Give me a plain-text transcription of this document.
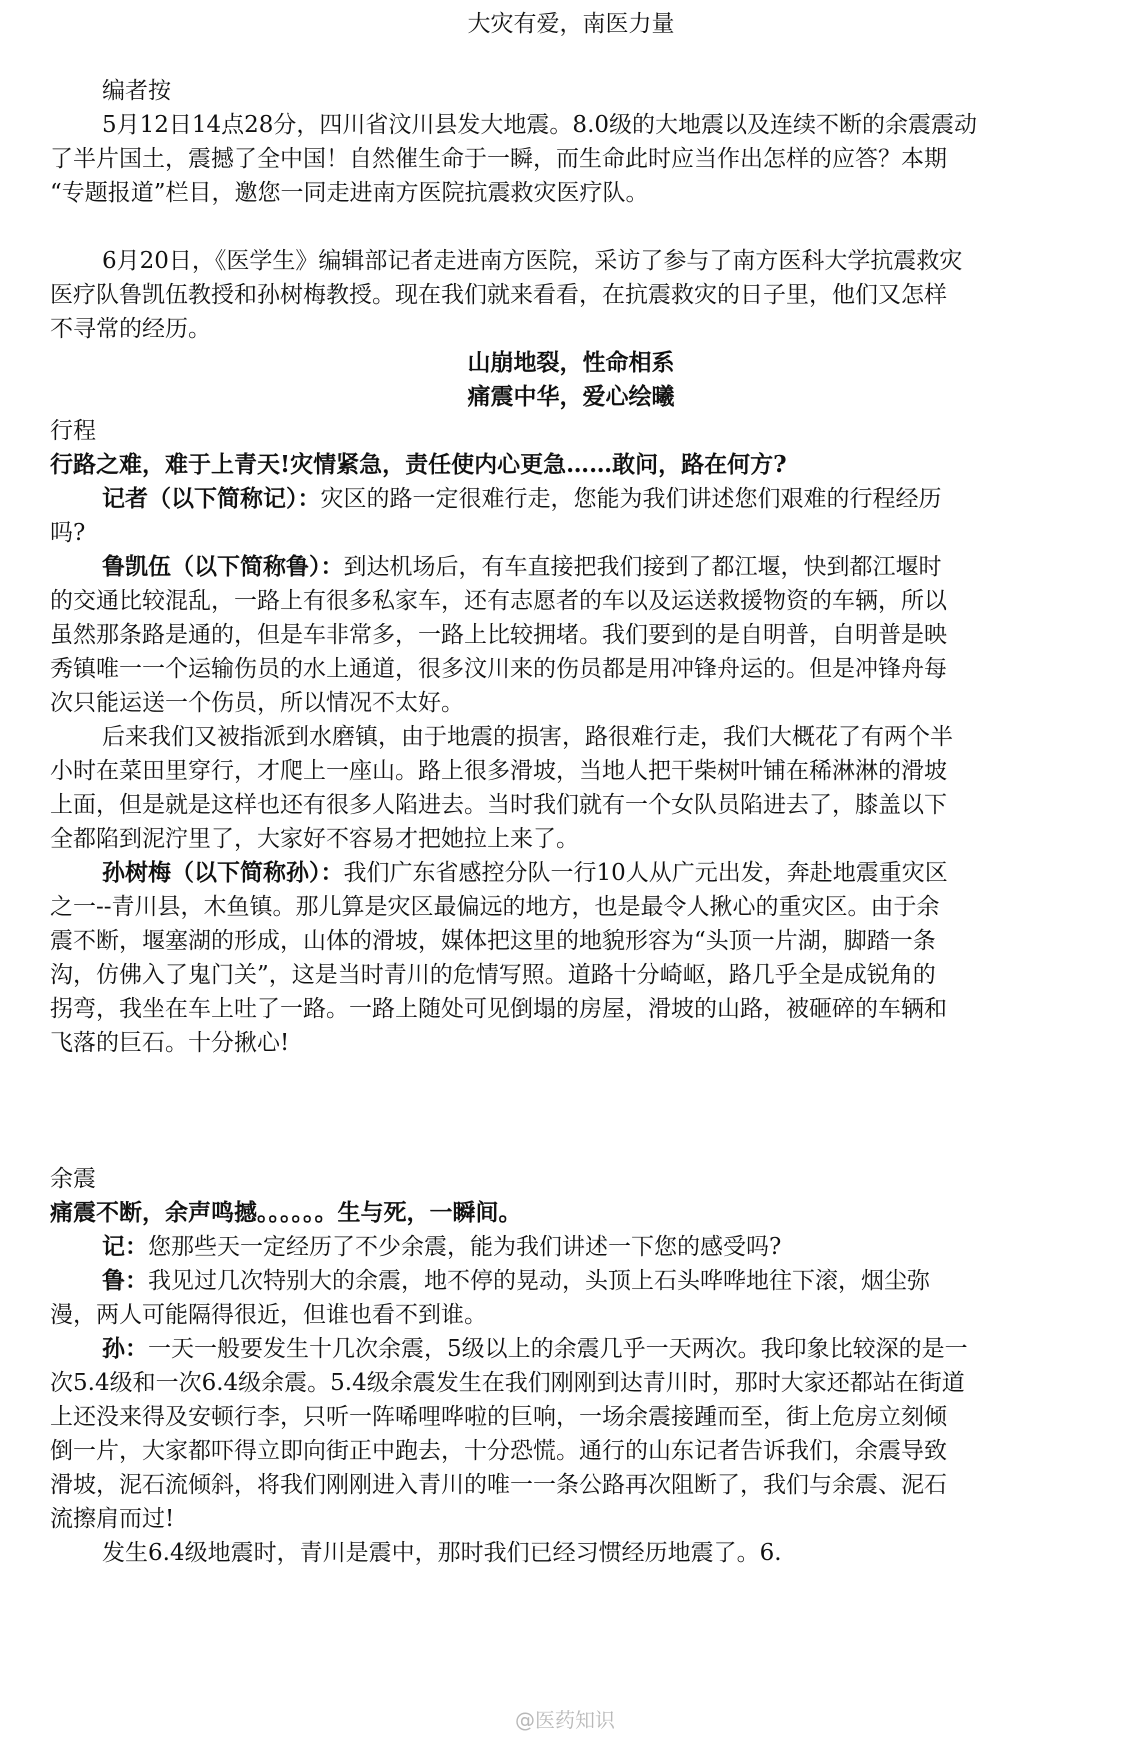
大灾有爱，南医力量
编者按
5月12日14点28分，四川省汶川县发大地震。8.0级的大地震以及连续不断的余震震动
了半片国土，震撼了全中国！自然催生命于一瞬，而生命此时应当作出怎样的应答？本期
“专题报道”栏目，邀您一同走进南方医院抗震救灾医疗队。
6月20日，《医学生》编辑部记者走进南方医院，采访了参与了南方医科大学抗震救灾
医疗队鲁凯伍教授和孙树梅教授。现在我们就来看看，在抗震救灾的日子里，他们又怎样
不寻常的经历。
山崩地裂，性命相系
痛震中华，爱心绘曦
行程
行路之难，难于上青天!灾情紧急，责任使内心更急……敢问，路在何方?
记者（以下简称记）：灾区的路一定很难行走，您能为我们讲述您们艰难的行程经历
吗?
鲁凯伍（以下简称鲁）：到达机场后，有车直接把我们接到了都江堰，快到都江堰时
的交通比较混乱，一路上有很多私家车，还有志愿者的车以及运送救援物资的车辆，所以
虽然那条路是通的，但是车非常多，一路上比较拥堵。我们要到的是自明普，自明普是映
秀镇唯一一个运输伤员的水上通道，很多汶川来的伤员都是用冲锋舟运的。但是冲锋舟每
次只能运送一个伤员，所以情况不太好。
后来我们又被指派到水磨镇，由于地震的损害，路很难行走，我们大概花了有两个半
小时在菜田里穿行，才爬上一座山。路上很多滑坡，当地人把干柴树叶铺在稀淋淋的滑坡
上面，但是就是这样也还有很多人陷进去。当时我们就有一个女队员陷进去了，膝盖以下
全都陷到泥泞里了，大家好不容易才把她拉上来了。
孙树梅（以下简称孙）：我们广东省感控分队一行10人从广元出发，奔赴地震重灾区
之一--青川县，木鱼镇。那儿算是灾区最偏远的地方，也是最令人揪心的重灾区。由于余
震不断，堰塞湖的形成，山体的滑坡，媒体把这里的地貌形容为“头顶一片湖，脚踏一条
沟，仿佛入了鬼门关”，这是当时青川的危情写照。道路十分崎岖，路几乎全是成锐角的
拐弯，我坐在车上吐了一路。一路上随处可见倒塌的房屋，滑坡的山路，被砸碎的车辆和
飞落的巨石。十分揪心!
余震
痛震不断，余声鸣撼。。。。。。生与死，一瞬间。
记：您那些天一定经历了不少余震，能为我们讲述一下您的感受吗?
鲁：我见过几次特别大的余震，地不停的晃动，头顶上石头哗哗地往下滚，烟尘弥
漫，两人可能隔得很近，但谁也看不到谁。
孙：一天一般要发生十几次余震，5级以上的余震几乎一天两次。我印象比较深的是一
次5.4级和一次6.4级余震。5.4级余震发生在我们刚刚到达青川时，那时大家还都站在街道
上还没来得及安顿行李，只听一阵唏哩哗啦的巨响，一场余震接踵而至，街上危房立刻倾
倒一片，大家都吓得立即向街正中跑去，十分恐慌。通行的山东记者告诉我们，余震导致
滑坡，泥石流倾斜，将我们刚刚进入青川的唯一一条公路再次阻断了，我们与余震、泥石
流擦肩而过!
发生6.4级地震时，青川是震中，那时我们已经习惯经历地震了。6.
@医药知识
